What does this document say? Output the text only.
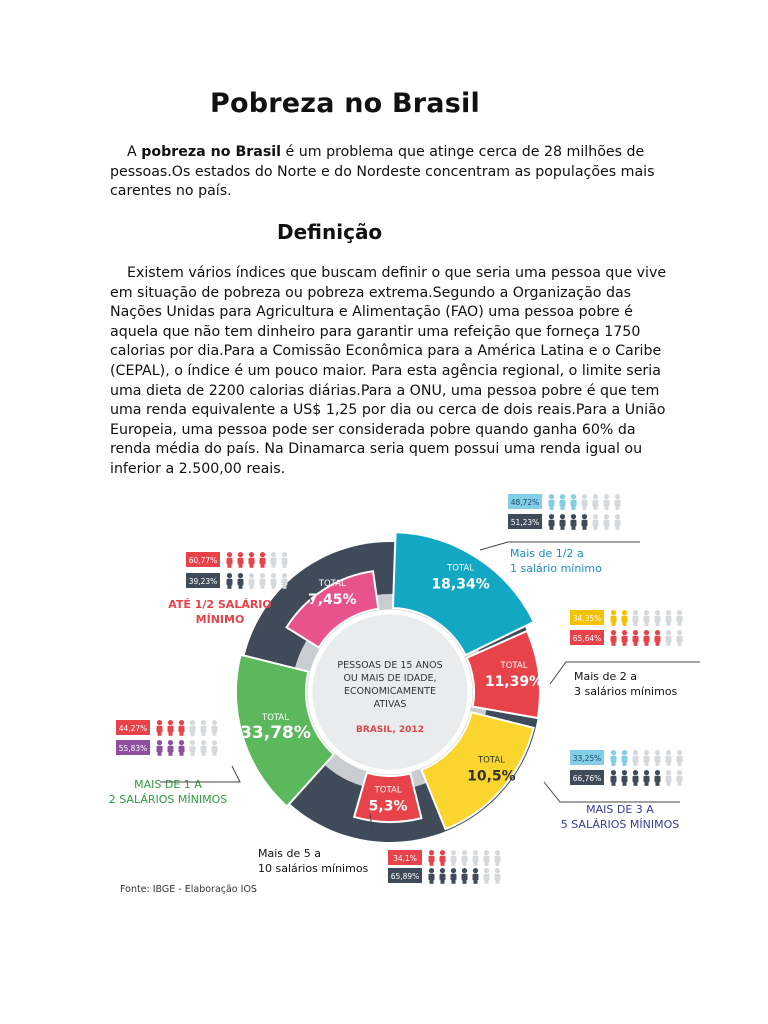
Pobreza no Brasil

A pobreza no Brasil é um problema que atinge cerca de 28 milhões de pessoas.Os estados do Norte e do Nordeste concentram as populações mais carentes no país.

Definição

Existem vários índices que buscam definir o que seria uma pessoa que vive em situação de pobreza ou pobreza extrema.Segundo a Organização das Nações Unidas para Agricultura e Alimentação (FAO) uma pessoa pobre é aquela que não tem dinheiro para garantir uma refeição que forneça 1750 calorias por dia.Para a Comissão Econômica para a América Latina e o Caribe (CEPAL), o índice é um pouco maior. Para esta agência regional, o limite seria uma dieta de 2200 calorias diárias.Para a ONU, uma pessoa pobre é que tem uma renda equivalente a US$ 1,25 por dia ou cerca de dois reais.Para a União Europeia, uma pessoa pode ser considerada pobre quando ganha 60% da renda média do país. Na Dinamarca seria quem possui uma renda igual ou inferior a 2.500,00 reais.

PESSOAS DE 15 ANOS
OU MAIS DE IDADE,
ECONOMICAMENTE
ATIVAS
BRASIL, 2012
TOTAL
7,45%
60,77%
39,23%
ATÉ 1/2 SALÁRIO
MÍNIMO
TOTAL
18,34%
48,72%
51,23%
Mais de 1/2 a
1 salário mínimo
TOTAL
11,39%
34,35%
65,64%
Mais de 2 a
3 salários mínimos
TOTAL
10,5%
33,25%
66,76%
MAIS DE 3 A
5 SALÁRIOS MÍNIMOS
TOTAL
5,3%
34,1%
65,89%
Mais de 5 a
10 salários mínimos
TOTAL
33,78%
44,27%
55,83%
MAIS DE 1 A
2 SALÁRIOS MÍNIMOS
Fonte: IBGE - Elaboração IOS
